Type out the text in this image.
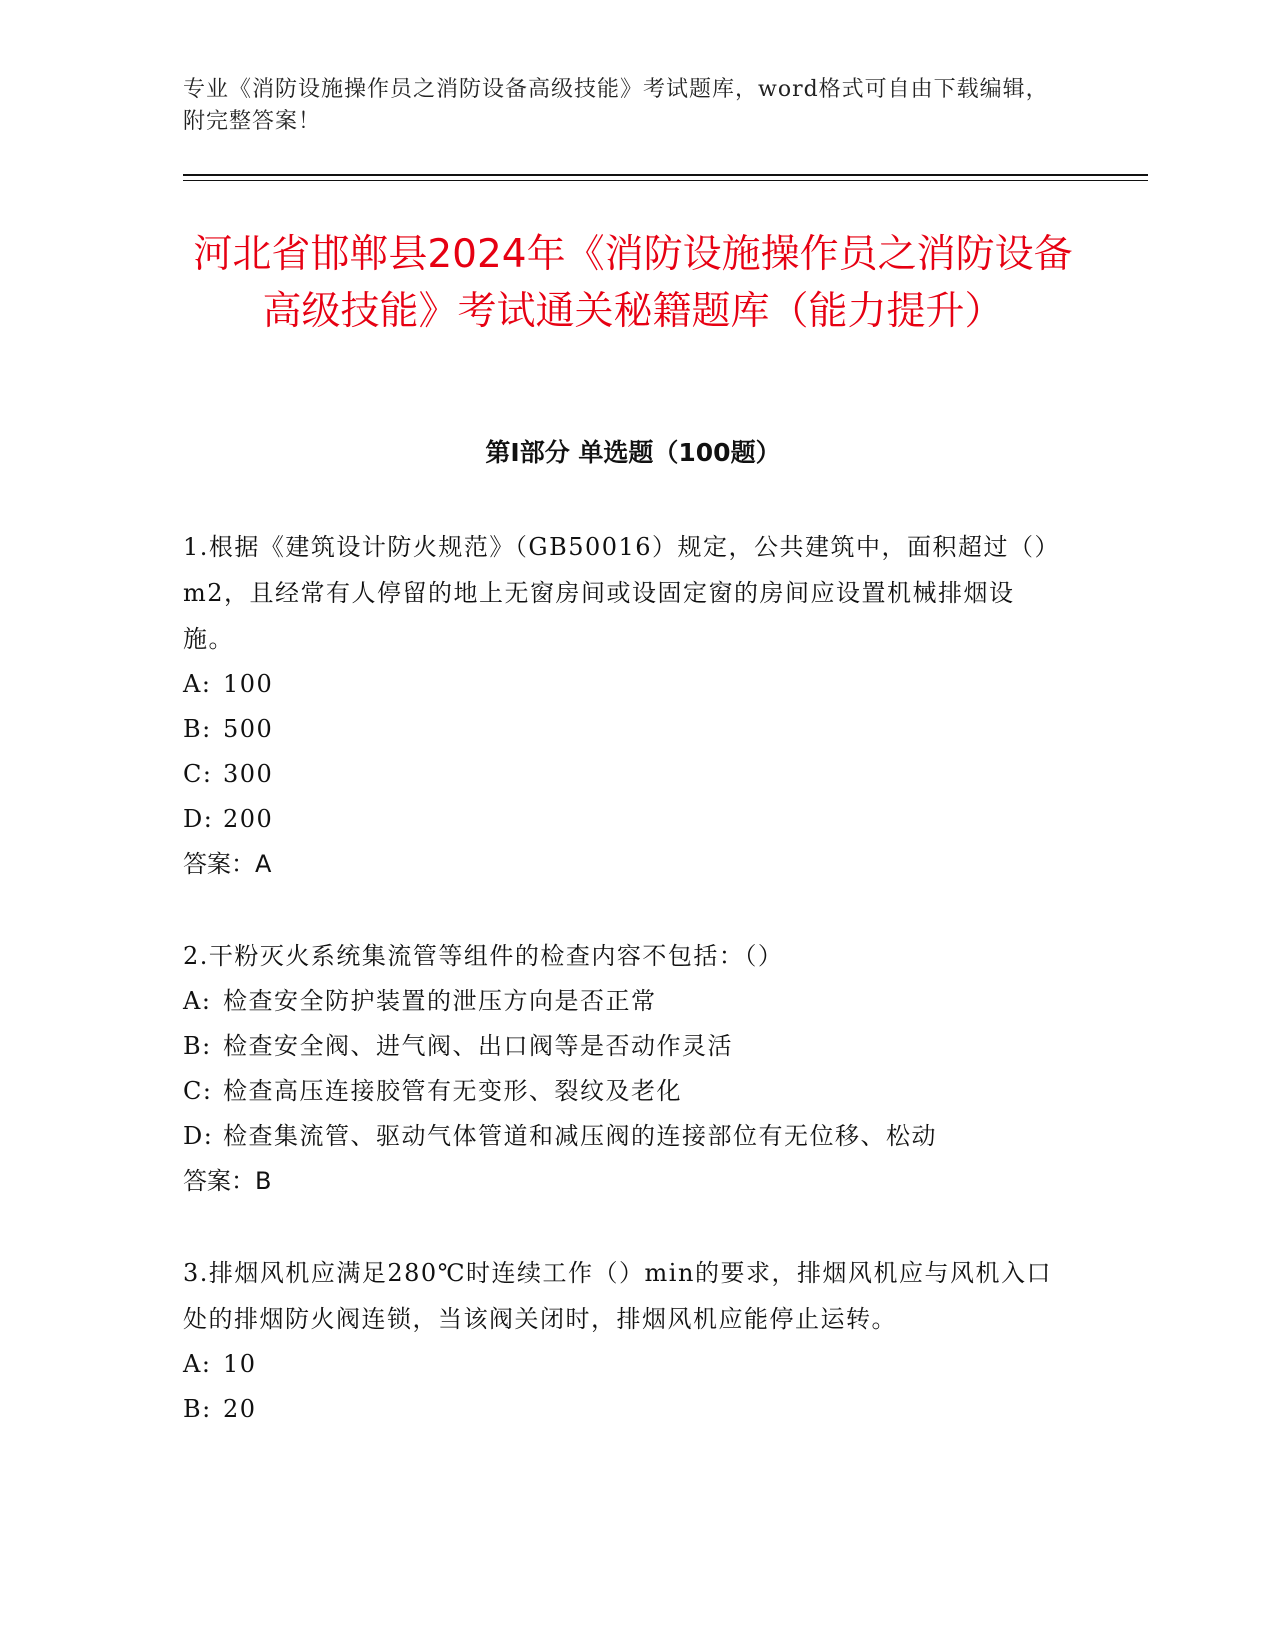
专业《消防设施操作员之消防设备高级技能》考试题库，word格式可自由下载编辑，附完整答案！
河北省邯郸县2024年《消防设施操作员之消防设备高级技能》考试通关秘籍题库（能力提升）
第Ⅰ部分 单选题（100题）

1.根据《建筑设计防火规范》（GB50016）规定，公共建筑中，面积超过（）m2，且经常有人停留的地上无窗房间或设固定窗的房间应设置机械排烟设施。

A: 100

B: 500

C: 300

D: 200

答案：A

2.干粉灭火系统集流管等组件的检查内容不包括：（）

A: 检查安全防护装置的泄压方向是否正常

B: 检查安全阀、进气阀、出口阀等是否动作灵活

C: 检查高压连接胶管有无变形、裂纹及老化

D: 检查集流管、驱动气体管道和减压阀的连接部位有无位移、松动

答案：B

3.排烟风机应满足280℃时连续工作（）min的要求，排烟风机应与风机入口处的排烟防火阀连锁，当该阀关闭时，排烟风机应能停止运转。

A: 10

B: 20
